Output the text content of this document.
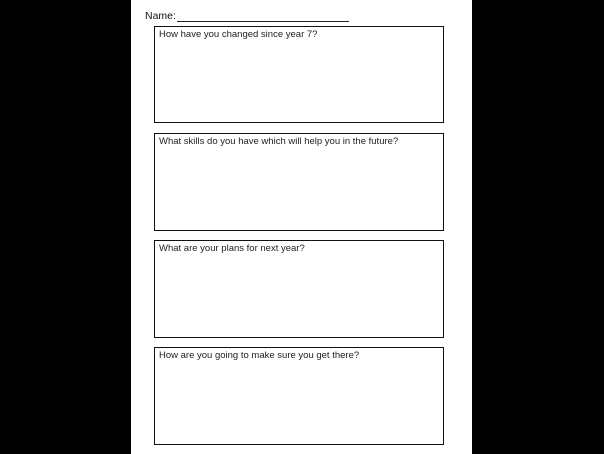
Name:
How have you changed since year 7?
What skills do you have which will help you in the future?
What are your plans for next year?
How are you going to make sure you get there?
